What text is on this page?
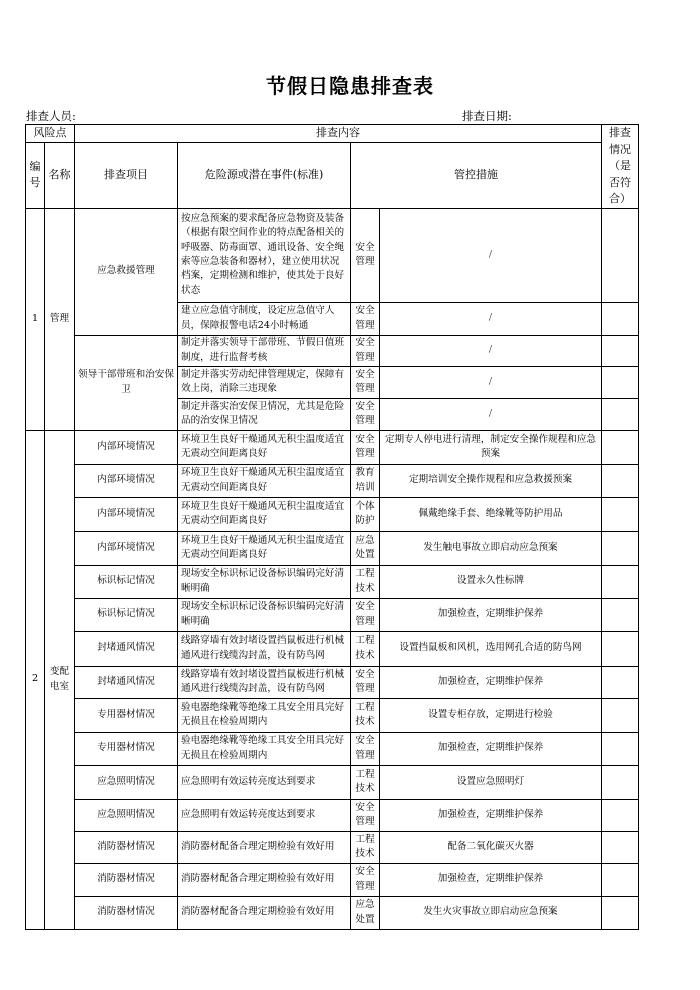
节假日隐患排查表
排查人员:	排查日期:
风险点		排查内容				排查情况（是否符合）
编号	名称	排查项目	危险源或潜在事件(标准)	管控措施		
1	管理	应急救援管理	按应急预案的要求配备应急物资及装备（根据有限空间作业的特点配备相关的呼吸器、防毒面罩、通讯设备、安全绳索等应急装备和器材），建立使用状况档案，定期检测和维护，使其处于良好状态	安全管理	/	
			建立应急值守制度，设定应急值守人员，保障报警电话24小时畅通	安全管理	/	
		领导干部带班和治安保卫	制定并落实领导干部带班、节假日值班制度，进行监督考核	安全管理	/	
			制定并落实劳动纪律管理规定，保障有效上岗，消除三违现象	安全管理	/	
			制定并落实治安保卫情况，尤其是危险品的治安保卫情况	安全管理	/	
2	变配电室	内部环境情况	环境卫生良好干燥通风无积尘温度适宜无震动空间距离良好	安全管理	定期专人停电进行清理，制定安全操作规程和应急预案	
		内部环境情况	环境卫生良好干燥通风无积尘温度适宜无震动空间距离良好	教育培训	定期培训安全操作规程和应急救援预案	
		内部环境情况	环境卫生良好干燥通风无积尘温度适宜无震动空间距离良好	个体防护	佩戴绝缘手套、绝缘靴等防护用品	
		内部环境情况	环境卫生良好干燥通风无积尘温度适宜无震动空间距离良好	应急处置	发生触电事故立即启动应急预案	
		标识标记情况	现场安全标识标记设备标识编码完好清晰明确	工程技术	设置永久性标牌	
		标识标记情况	现场安全标识标记设备标识编码完好清晰明确	安全管理	加强检查，定期维护保养	
		封堵通风情况	线路穿墙有效封堵设置挡鼠板进行机械通风进行线缆沟封盖，设有防鸟网	工程技术	设置挡鼠板和风机，选用网孔合适的防鸟网	
		封堵通风情况	线路穿墙有效封堵设置挡鼠板进行机械通风进行线缆沟封盖，设有防鸟网	安全管理	加强检查，定期维护保养	
		专用器材情况	验电器绝缘靴等绝缘工具安全用具完好无损且在检验周期内	工程技术	设置专柜存放，定期进行检验	
		专用器材情况	验电器绝缘靴等绝缘工具安全用具完好无损且在检验周期内	安全管理	加强检查，定期维护保养	
		应急照明情况	应急照明有效运转亮度达到要求	工程技术	设置应急照明灯	
		应急照明情况	应急照明有效运转亮度达到要求	安全管理	加强检查，定期维护保养	
		消防器材情况	消防器材配备合理定期检验有效好用	工程技术	配备二氧化碳灭火器	
		消防器材情况	消防器材配备合理定期检验有效好用	安全管理	加强检查，定期维护保养	
		消防器材情况	消防器材配备合理定期检验有效好用	应急处置	发生火灾事故立即启动应急预案	
